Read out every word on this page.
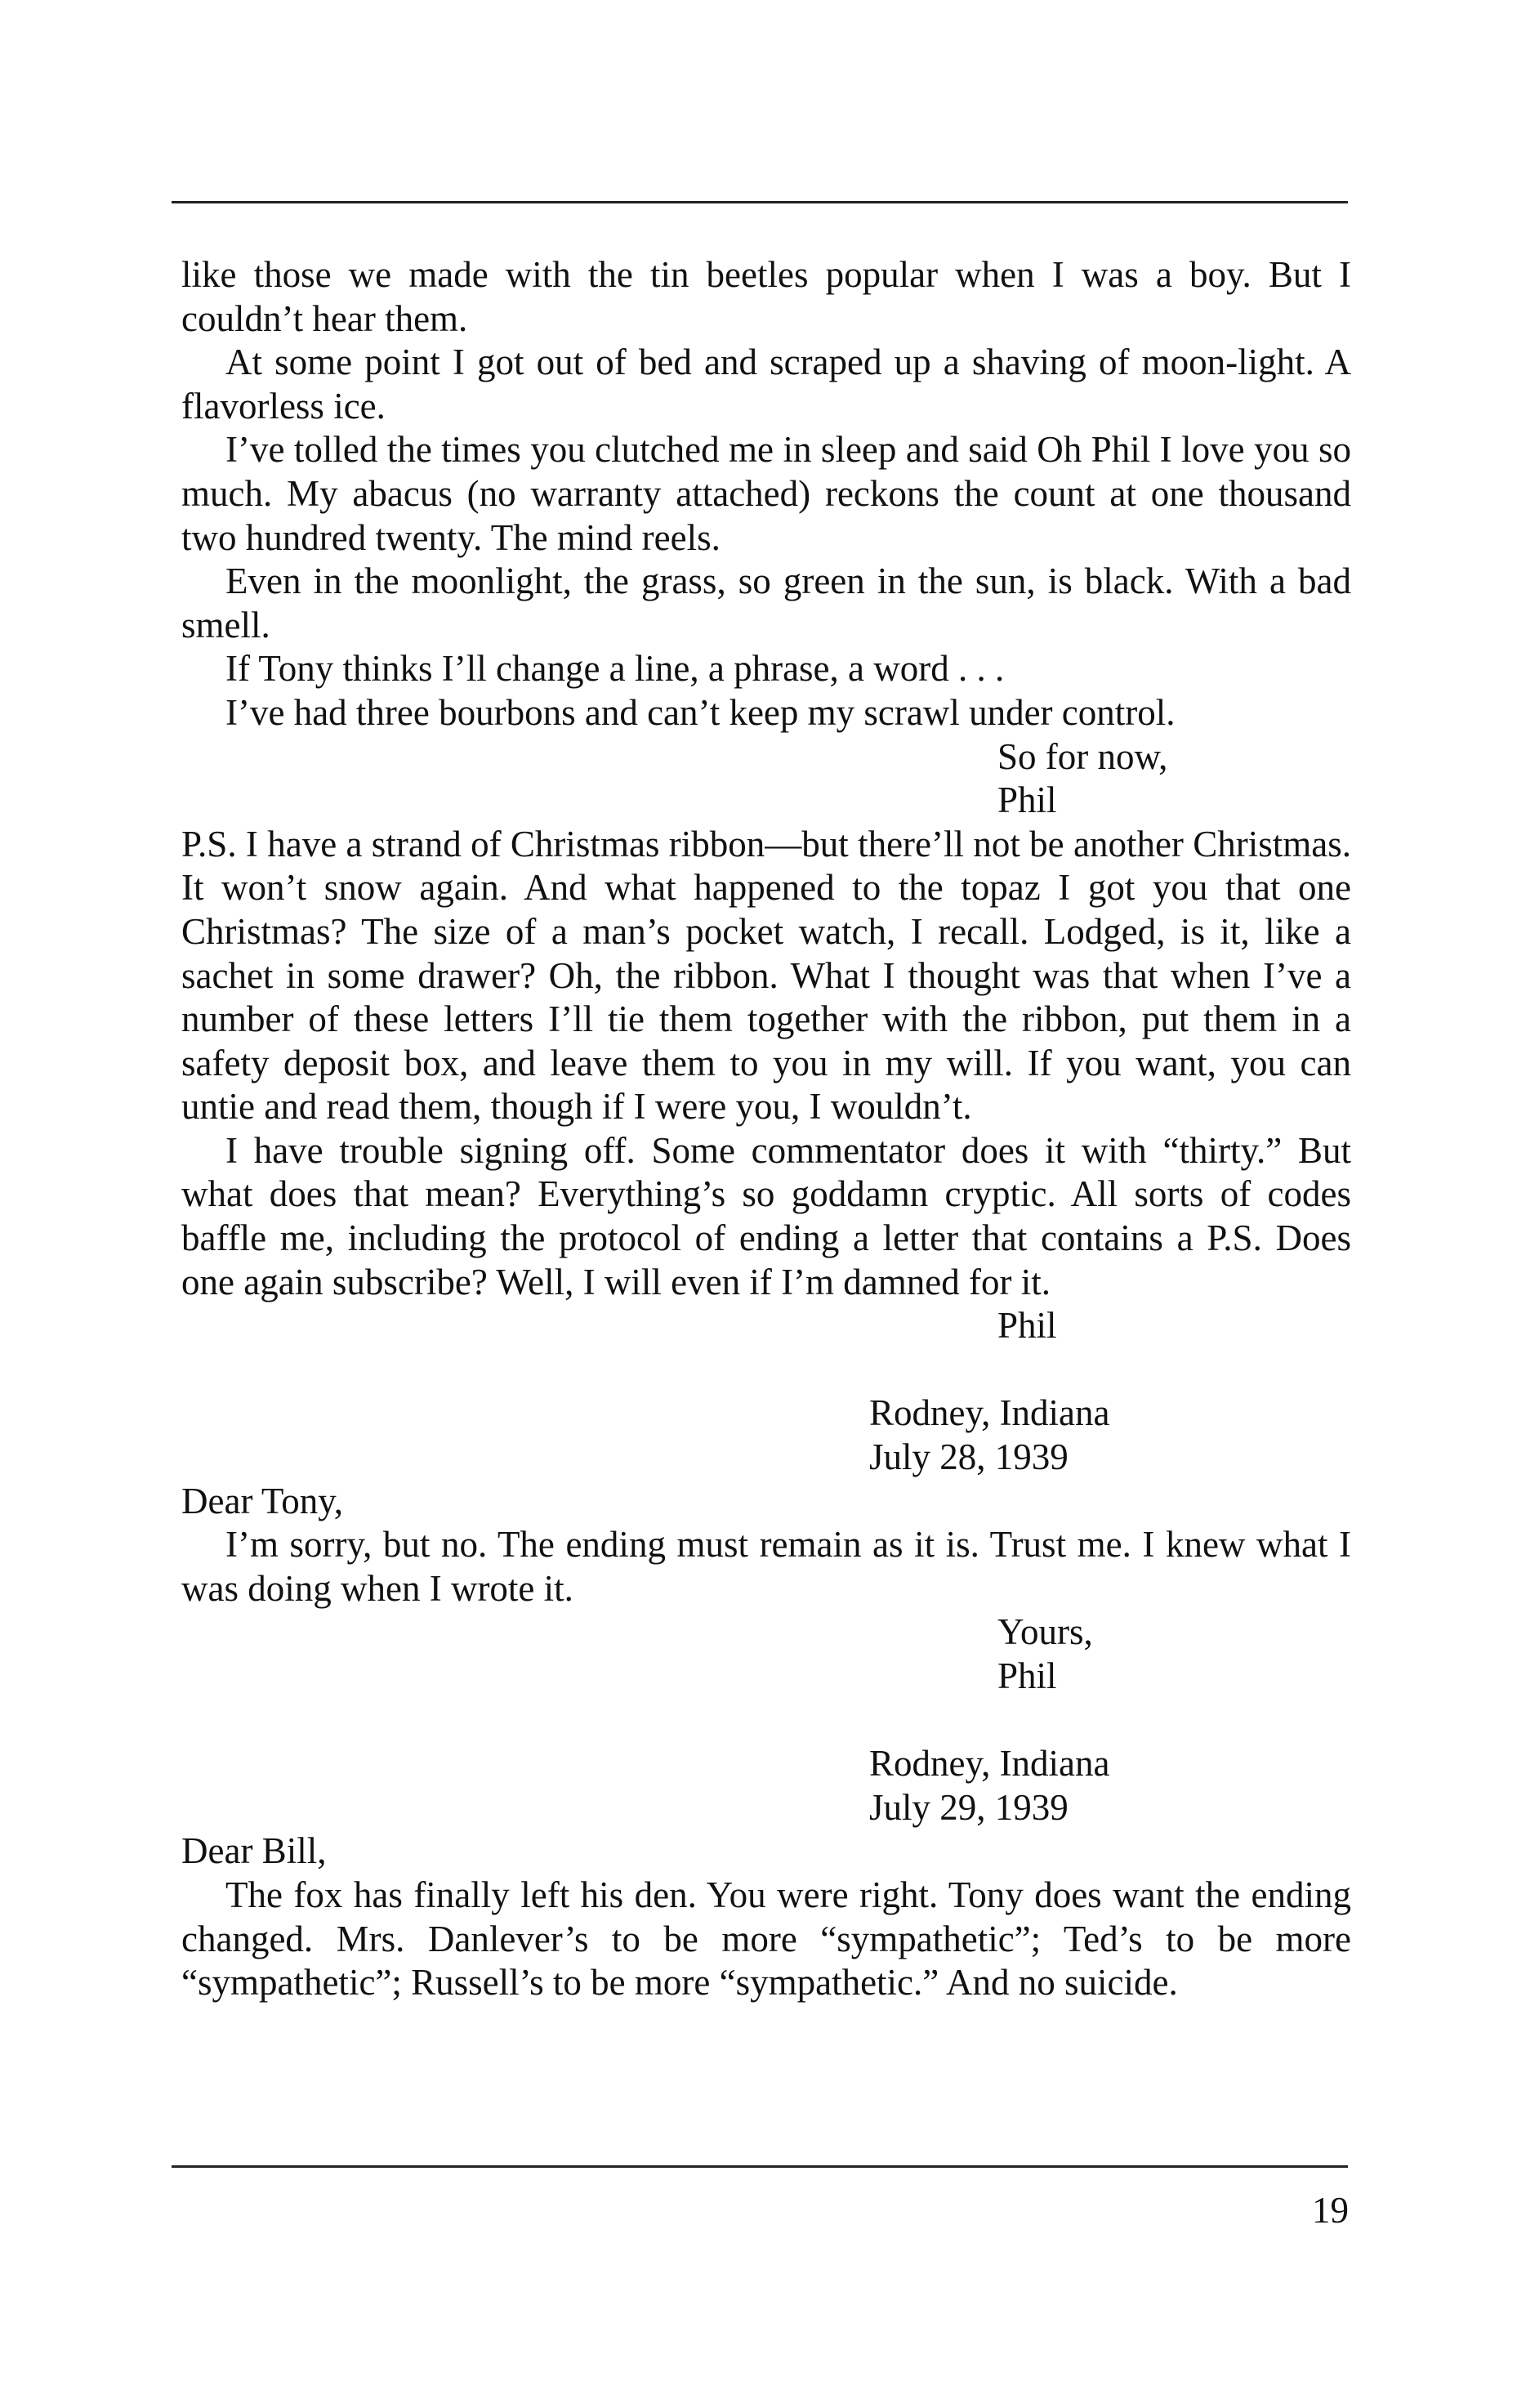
like those we made with the tin beetles popular when I was a boy. But I couldn’t hear them.

At some point I got out of bed and scraped up a shaving of moon-light. A flavorless ice.

I’ve tolled the times you clutched me in sleep and said Oh Phil I love you so much. My abacus (no warranty attached) reckons the count at one thousand two hundred twenty. The mind reels.

Even in the moonlight, the grass, so green in the sun, is black. With a bad smell.

If Tony thinks I’ll change a line, a phrase, a word . . .

I’ve had three bourbons and can’t keep my scrawl under control.

So for now,

Phil

P.S. I have a strand of Christmas ribbon—but there’ll not be another Christmas. It won’t snow again. And what happened to the topaz I got you that one Christmas? The size of a man’s pocket watch, I recall. Lodged, is it, like a sachet in some drawer? Oh, the ribbon. What I thought was that when I’ve a number of these letters I’ll tie them together with the ribbon, put them in a safety deposit box, and leave them to you in my will. If you want, you can untie and read them, though if I were you, I wouldn’t.

I have trouble signing off. Some commentator does it with “thirty.” But what does that mean? Everything’s so goddamn cryptic. All sorts of codes baffle me, including the protocol of ending a letter that contains a P.S. Does one again subscribe? Well, I will even if I’m damned for it.

Phil

Rodney, Indiana

July 28, 1939

Dear Tony,

I’m sorry, but no. The ending must remain as it is. Trust me. I knew what I was doing when I wrote it.

Yours,

Phil

Rodney, Indiana

July 29, 1939

Dear Bill,

The fox has finally left his den. You were right. Tony does want the ending changed. Mrs. Danlever’s to be more “sympathetic”; Ted’s to be more “sympathetic”; Russell’s to be more “sympathetic.” And no suicide.

19
